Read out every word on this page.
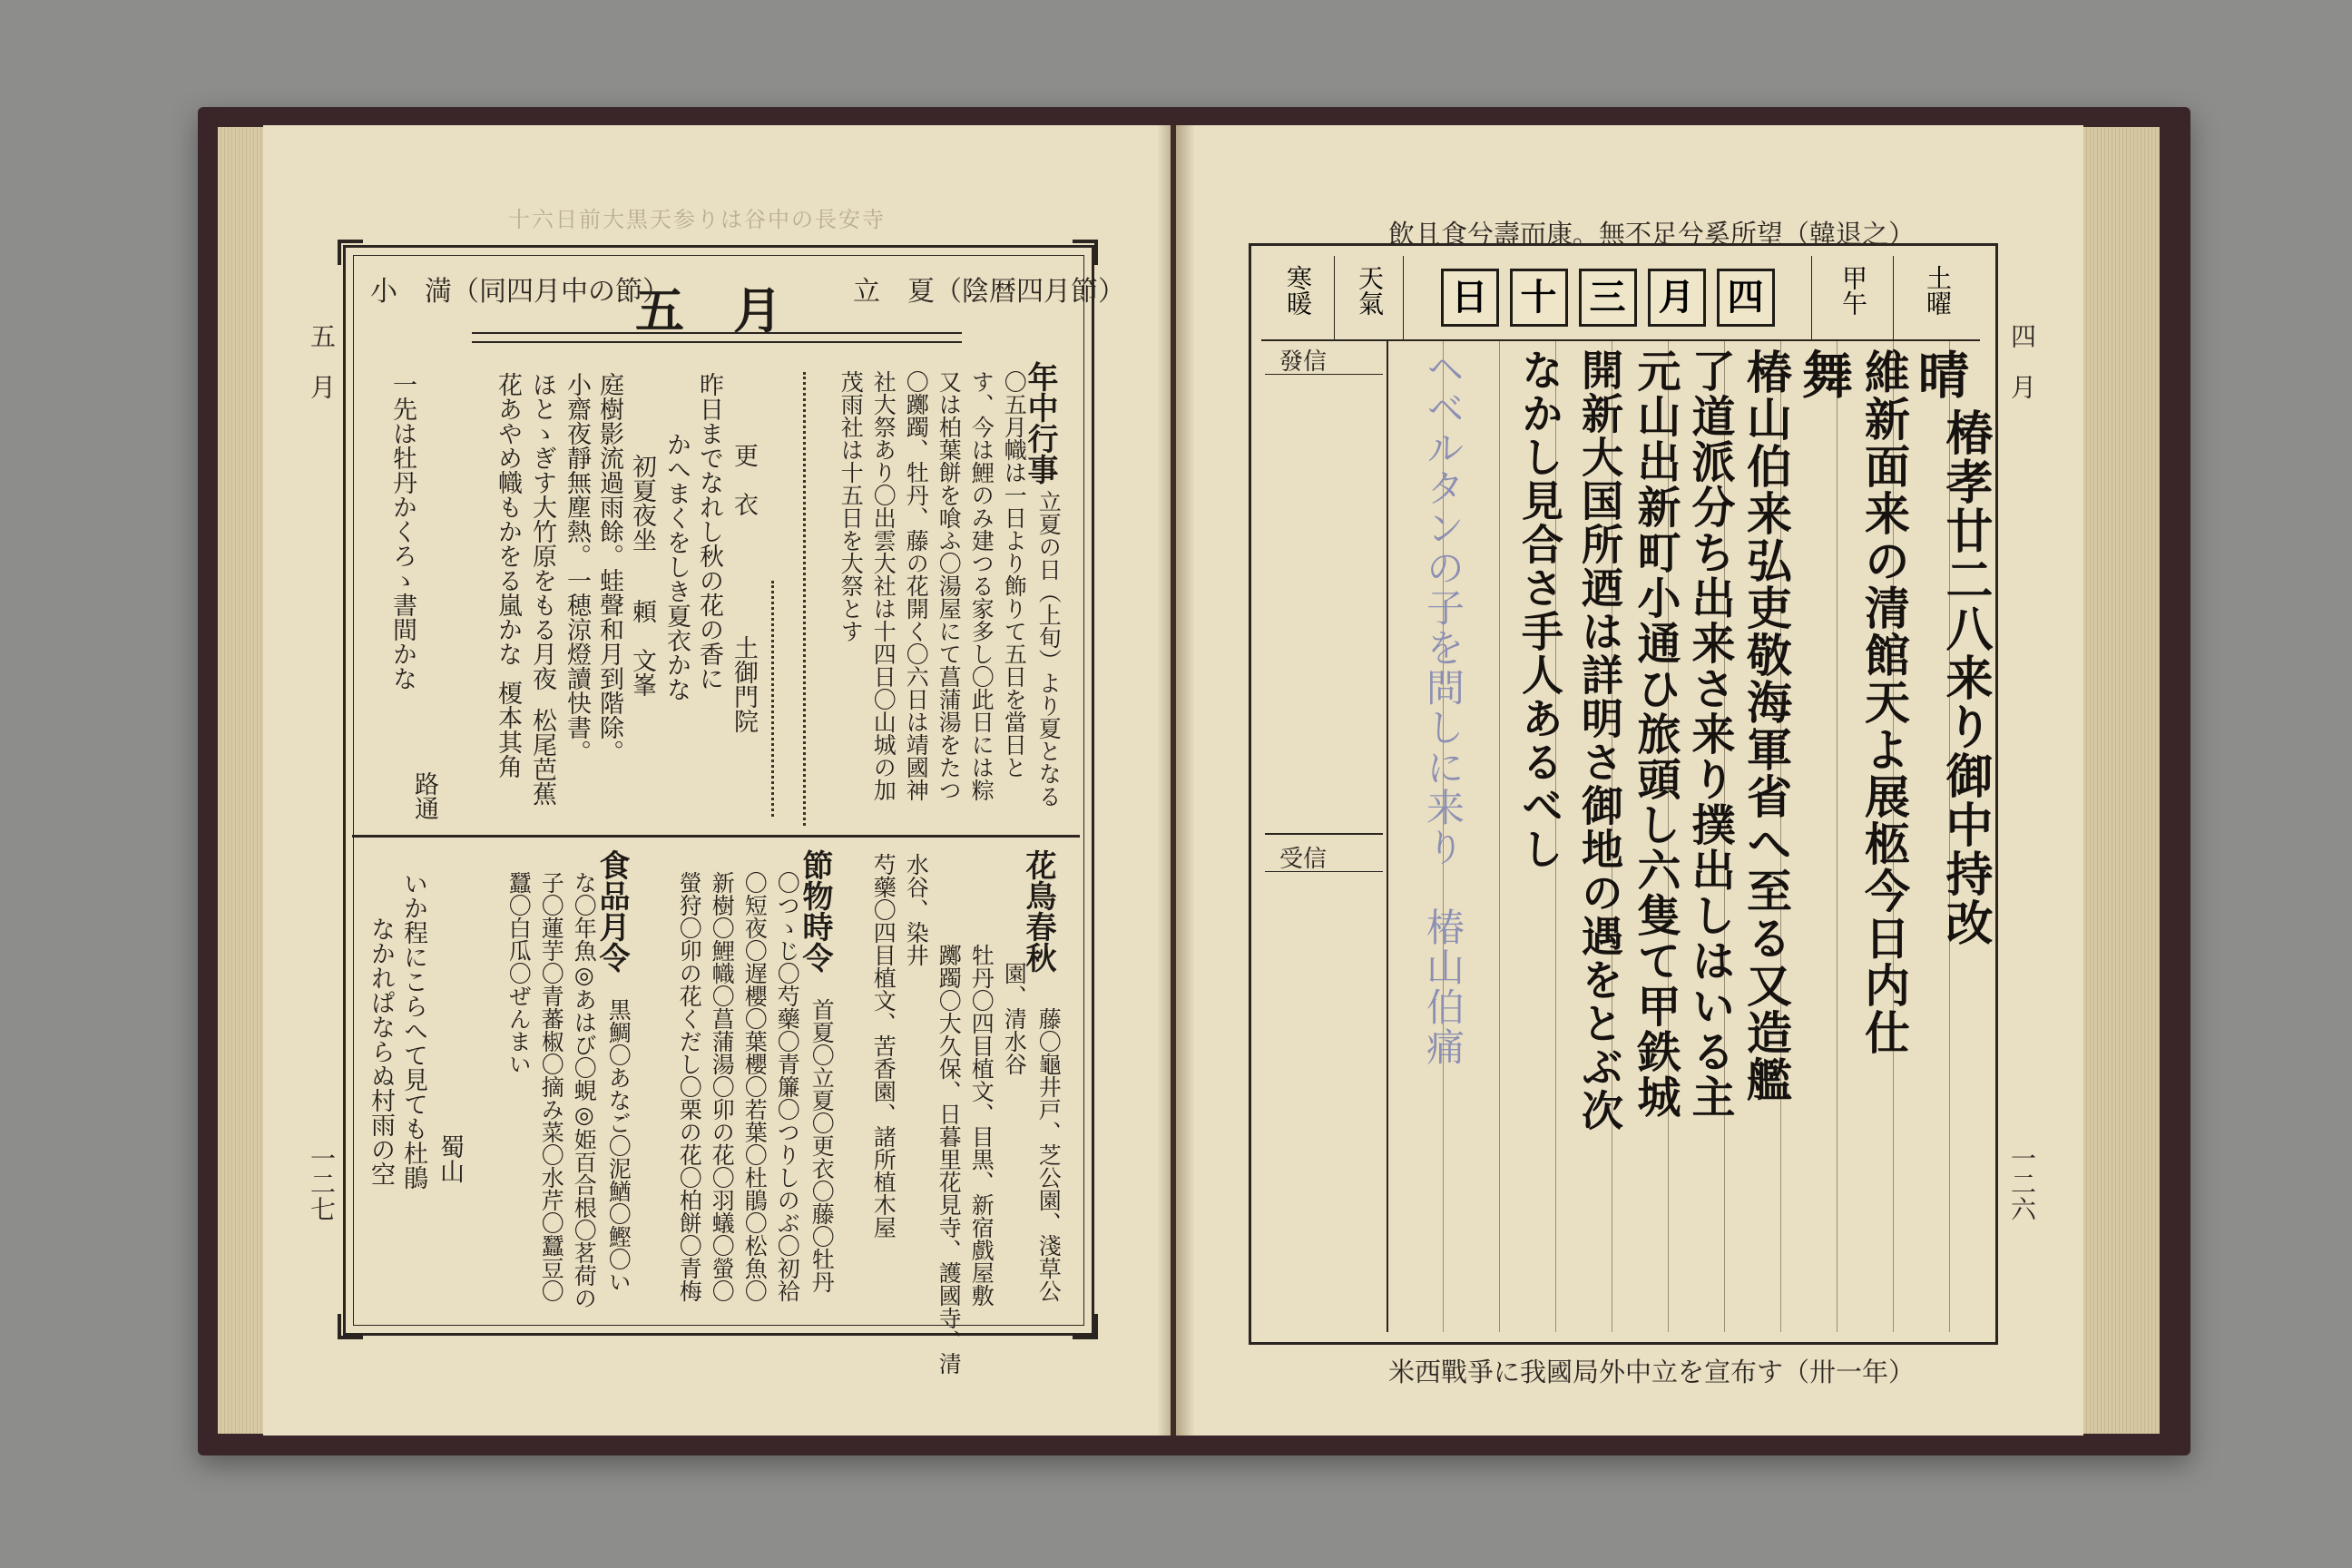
十六日前大黒天参りは谷中の長安寺
五　月
一二七
立　夏（陰暦四月節）
五　月
小　満（同四月中の節）
年中行事
立夏の日（上旬）より夏となる
〇五月幟は一日より飾りて五日を當日と
す、今は鯉のみ建つる家多し〇此日には粽
又は柏葉餅を喰ふ〇湯屋にて菖蒲湯をたつ
〇躑躅、牡丹、藤の花開く〇六日は靖國神
社大祭あり〇出雲大社は十四日〇山城の加
茂雨社は十五日を大祭とす
更　衣
土御門院
昨日までなれし秋の花の香に
かへまくをしき夏衣かな
初夏夜坐
頼　文峯
庭樹影流過雨餘。蛙聲和月到階除。
小齋夜靜無塵熱。一穂涼燈讀快書。
ほとゝぎす大竹原をもる月夜
松尾芭蕉
花あやめ幟もかをる嵐かな
榎本其角
一先は牡丹かくろゝ書間かな
路通
花鳥春秋
藤〇龜井戸、芝公園、淺草公
園、清水谷
牡丹〇四目植文、目黒、新宿戲屋敷
躑躅〇大久保、日暮里花見寺、護國寺、清
水谷、染井
芍藥〇四目植文、苦香園、諸所植木屋
節物時令
首夏〇立夏〇更衣〇藤〇牡丹
〇つゝじ〇芍藥〇青簾〇つりしのぶ〇初袷
〇短夜〇遅櫻〇葉櫻〇若葉〇杜鵑〇松魚〇
新樹〇鯉幟〇菖蒲湯〇卯の花〇羽蟻〇螢〇
螢狩〇卯の花くだし〇栗の花〇柏餅〇青梅
食品月令
黒鯛〇あなご〇泥鰌〇鰹〇い
な〇年魚◎あはび〇蜆◎姫百合根〇茗荷の
子〇蓮芋〇青蕃椒〇摘み菜〇水芹〇蠶豆〇
蠶〇白瓜〇ぜんまい
いか程にこらへて見ても杜鵑
なかれぱならぬ村雨の空 蜀山
飲且食兮壽而康。無不足兮奚所望（韓退之）
米西戰爭に我國局外中立を宣布す（卅一年）
四　月
一二六
寒暖 天氣	日 十 三 月 四	甲午 土曜
發信
受信
晴
椿孝廿二八来り御中持改
維新面来の清館天よ展柩今日内仕
舞
椿山伯来弘吏敬海軍省へ至る又造艦
了道派分ち出来さ来り撲出しはいる主
元山出新町小通ひ旅頭し六隻て甲鉄城
開新大国所迺は詳明さ御地の遇をとぶ次
なかし見合さ手人あるべし
ヘベルタンの子を問しに来り　椿山伯痛
